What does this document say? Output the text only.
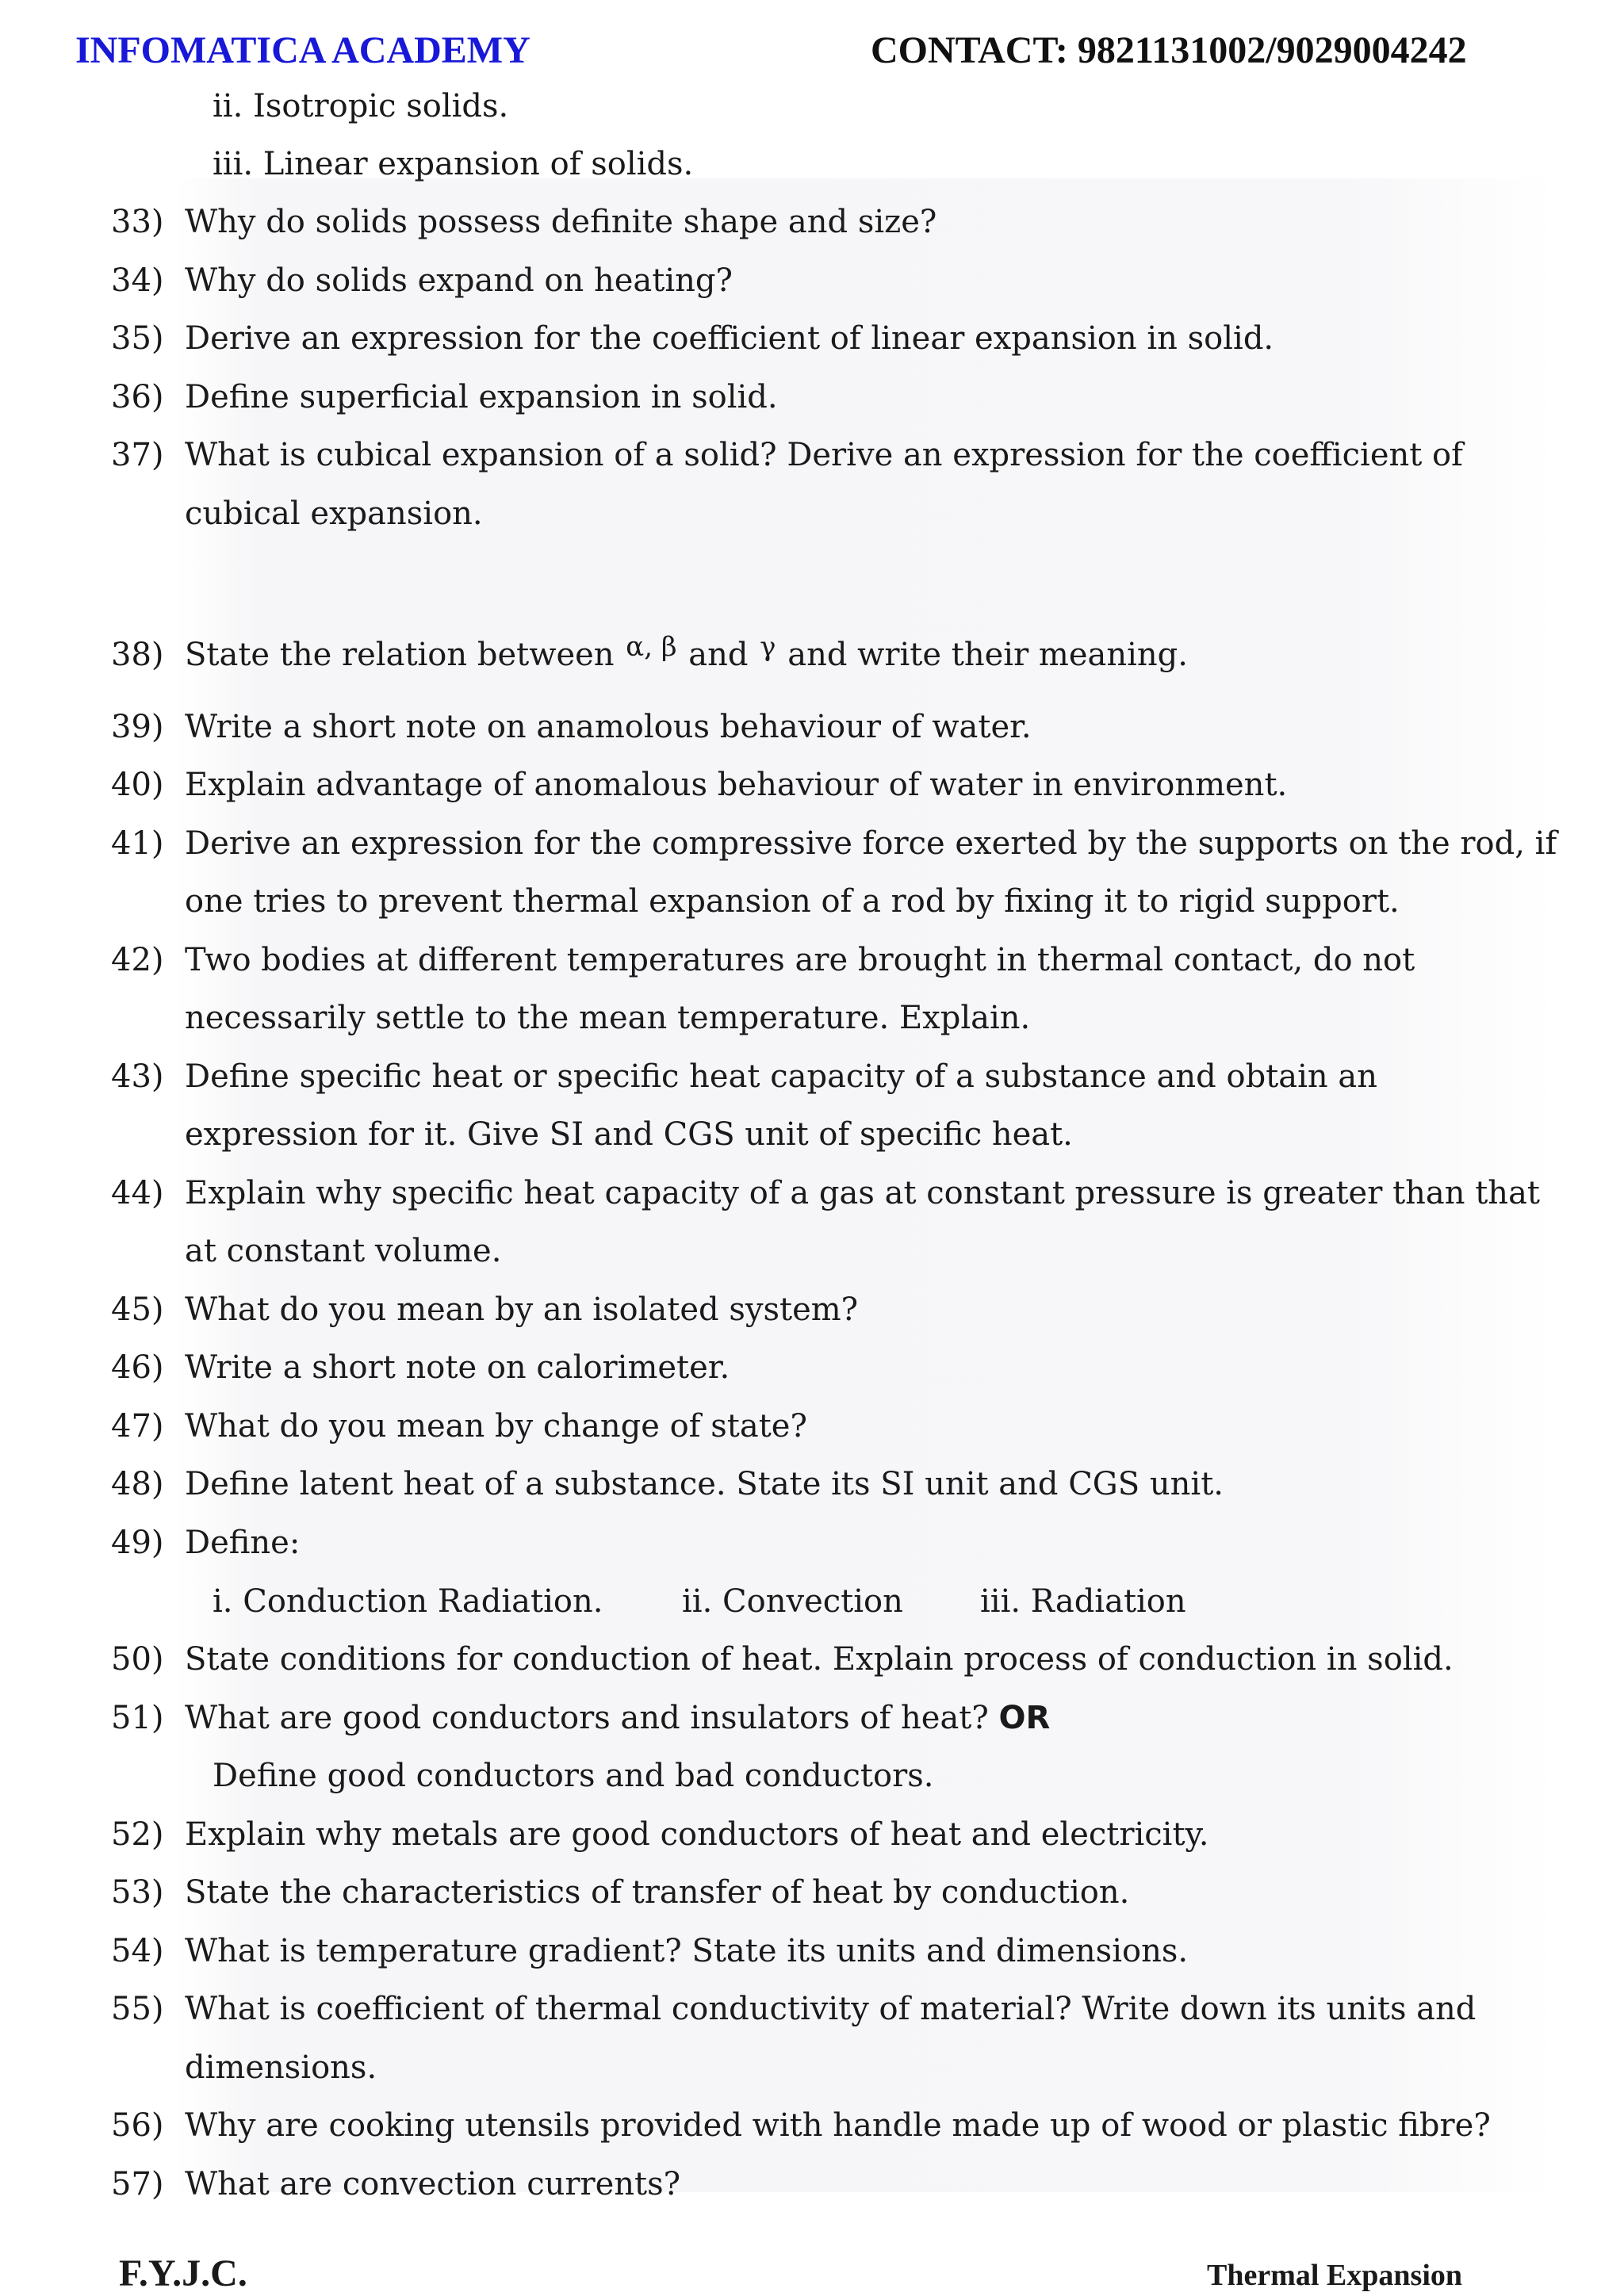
INFOMATICA ACADEMY	CONTACT: 9821131002/9029004242
ii. Isotropic solids.
iii. Linear expansion of solids.
33) Why do solids possess definite shape and size?
34) Why do solids expand on heating?
35) Derive an expression for the coefficient of linear expansion in solid.
36) Define superficial expansion in solid.
37) What is cubical expansion of a solid? Derive an expression for the coefficient of
cubical expansion.
38) State the relation between $^{\alpha, \beta}$ and $^\gamma$ and write their meaning.
39) Write a short note on anamolous behaviour of water.
40) Explain advantage of anomalous behaviour of water in environment.
41) Derive an expression for the compressive force exerted by the supports on the rod, if
one tries to prevent thermal expansion of a rod by fixing it to rigid support.
42) Two bodies at different temperatures are brought in thermal contact, do not
necessarily settle to the mean temperature. Explain.
43) Define specific heat or specific heat capacity of a substance and obtain an
expression for it. Give SI and CGS unit of specific heat.
44) Explain why specific heat capacity of a gas at constant pressure is greater than that
at constant volume.
45) What do you mean by an isolated system?
46) Write a short note on calorimeter.
47) What do you mean by change of state?
48) Define latent heat of a substance. State its SI unit and CGS unit.
49) Define:
i. Conduction Radiation. ii. Convection iii. Radiation
50) State conditions for conduction of heat. Explain process of conduction in solid.
51) What are good conductors and insulators of heat? OR
Define good conductors and bad conductors.
52) Explain why metals are good conductors of heat and electricity.
53) State the characteristics of transfer of heat by conduction.
54) What is temperature gradient? State its units and dimensions.
55) What is coefficient of thermal conductivity of material? Write down its units and
dimensions.
56) Why are cooking utensils provided with handle made up of wood or plastic fibre?
57) What are convection currents?
F.Y.J.C.	Thermal Expansion
